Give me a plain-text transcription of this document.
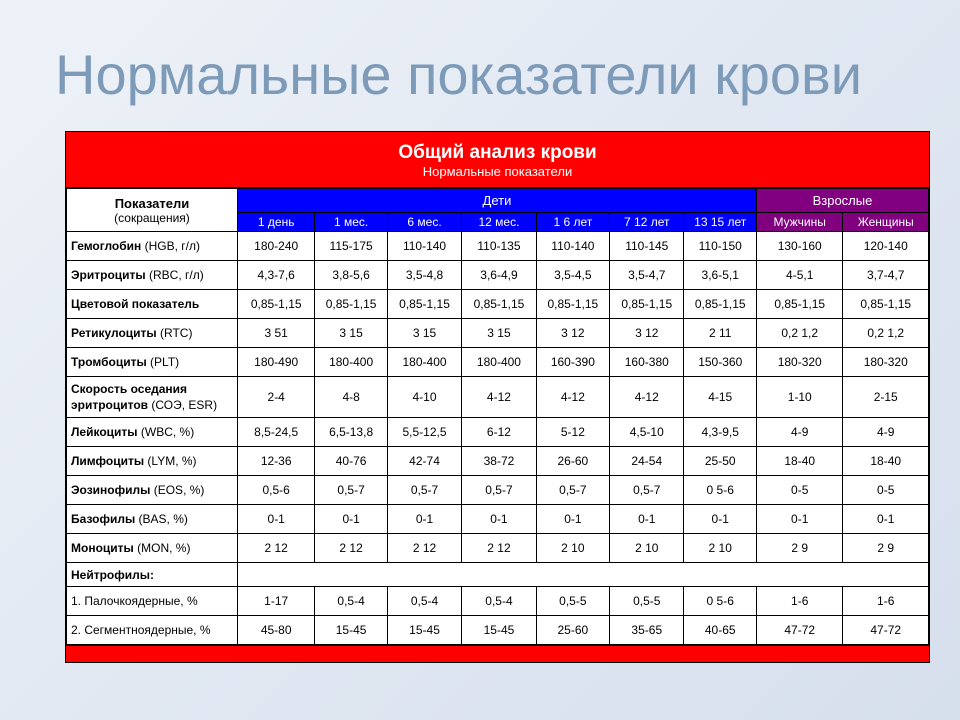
Нормальные показатели крови
Общий анализ крови
Нормальные показатели
Показатели
(сокращения)	Дети							Взрослые	
	1 день	1 мес.	6 мес.	12 мес.	1 6 лет	7 12 лет	13 15 лет	Мужчины	Женщины
Гемоглобин (HGB, г/л)	180-240	115-175	110-140	110-135	110-140	110-145	110-150	130-160	120-140
Эритроциты (RBC, г/л)	4,3-7,6	3,8-5,6	3,5-4,8	3,6-4,9	3,5-4,5	3,5-4,7	3,6-5,1	4-5,1	3,7-4,7
Цветовой показатель	0,85-1,15	0,85-1,15	0,85-1,15	0,85-1,15	0,85-1,15	0,85-1,15	0,85-1,15	0,85-1,15	0,85-1,15
Ретикулоциты (RTC)	3 51	3 15	3 15	3 15	3 12	3 12	2 11	0,2 1,2	0,2 1,2
Тромбоциты (PLT)	180-490	180-400	180-400	180-400	160-390	160-380	150-360	180-320	180-320
Скорость оседания
эритроцитов (СОЭ, ESR)	2-4	4-8	4-10	4-12	4-12	4-12	4-15	1-10	2-15
Лейкоциты (WBC, %)	8,5-24,5	6,5-13,8	5,5-12,5	6-12	5-12	4,5-10	4,3-9,5	4-9	4-9
Лимфоциты (LYM, %)	12-36	40-76	42-74	38-72	26-60	24-54	25-50	18-40	18-40
Эозинофилы (EOS, %)	0,5-6	0,5-7	0,5-7	0,5-7	0,5-7	0,5-7	0 5-6	0-5	0-5
Базофилы (BAS, %)	0-1	0-1	0-1	0-1	0-1	0-1	0-1	0-1	0-1
Моноциты (MON, %)	2 12	2 12	2 12	2 12	2 10	2 10	2 10	2 9	2 9
Нейтрофилы:									
1. Палочкоядерные, %	1-17	0,5-4	0,5-4	0,5-4	0,5-5	0,5-5	0 5-6	1-6	1-6
2. Сегментноядерные, %	45-80	15-45	15-45	15-45	25-60	35-65	40-65	47-72	47-72
